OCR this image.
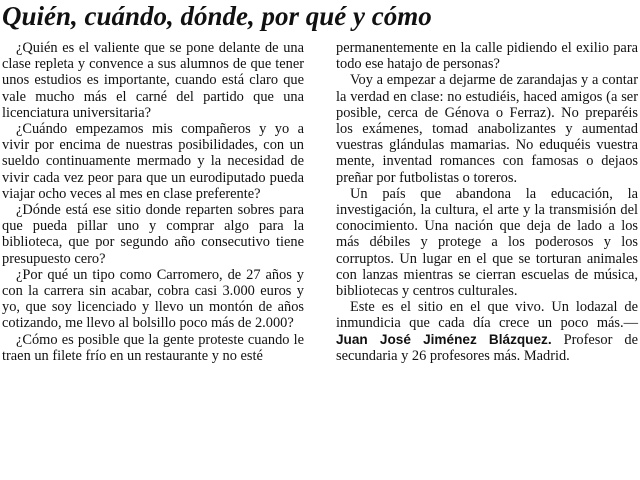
Quién, cuándo, dónde, por qué y cómo

¿Quién es el valiente que se pone delante de una clase repleta y convence a sus alumnos de que tener unos estudios es importante, cuando está claro que vale mucho más el carné del partido que una licenciatura universitaria?

¿Cuándo empezamos mis compañeros y yo a vivir por encima de nuestras posibilidades, con un sueldo continuamente mermado y la necesidad de vivir cada vez peor para que un eurodiputado pueda viajar ocho veces al mes en clase preferente?

¿Dónde está ese sitio donde reparten sobres para que pueda pillar uno y comprar algo para la biblioteca, que por segundo año consecutivo tiene presupuesto cero?

¿Por qué un tipo como Carromero, de 27 años y con la carrera sin acabar, cobra casi 3.000 euros y yo, que soy licenciado y llevo un montón de años cotizando, me llevo al bolsillo poco más de 2.000?

¿Cómo es posible que la gente proteste cuando le traen un filete frío en un restaurante y no esté

permanentemente en la calle pidiendo el exilio para todo ese hatajo de personas?

Voy a empezar a dejarme de zarandajas y a contar la verdad en clase: no estudiéis, haced amigos (a ser posible, cerca de Génova o Ferraz). No preparéis los exámenes, tomad anabolizantes y aumentad vuestras glándulas mamarias. No eduquéis vuestra mente, inventad romances con famosas o dejaos preñar por futbolistas o toreros.

Un país que abandona la educación, la investigación, la cultura, el arte y la transmisión del conocimiento. Una nación que deja de lado a los más débiles y protege a los poderosos y los corruptos. Un lugar en el que se torturan animales con lanzas mientras se cierran escuelas de música, bibliotecas y centros culturales.

Este es el sitio en el que vivo. Un lodazal de inmundicia que cada día crece un poco más.— Juan José Jiménez Blázquez. Profesor de secundaria y 26 profesores más. Madrid.
